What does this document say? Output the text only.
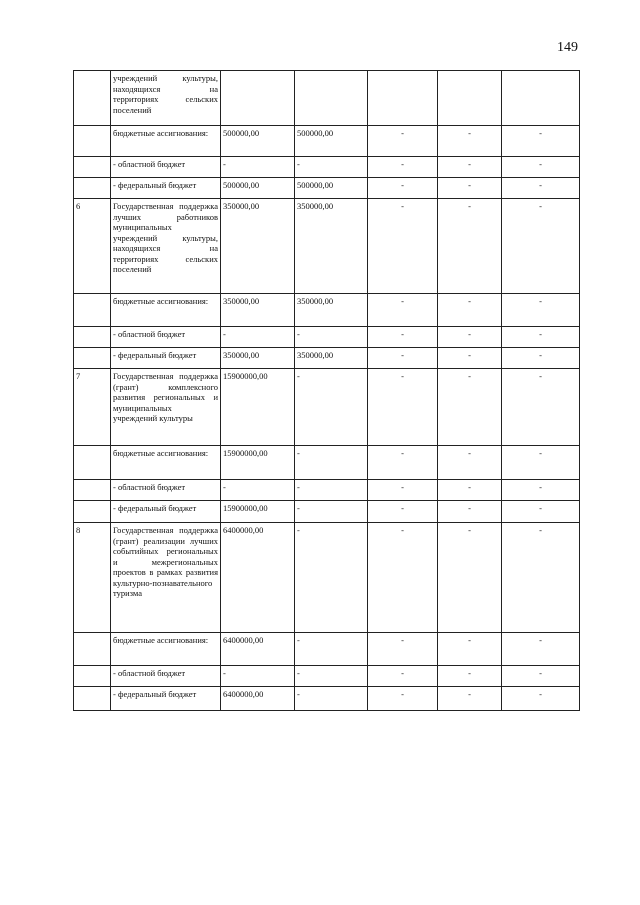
149
	учреждений культуры, находящихся на территориях сельских поселений					
	бюджетные ассигнования:	500000,00	500000,00	-	-	-
	- областной бюджет	-	-	-	-	-
	- федеральный бюджет	500000,00	500000,00	-	-	-
6	Государственная поддержка лучших работников муниципальных учреждений культуры, находящихся на территориях сельских поселений	350000,00	350000,00	-	-	-
	бюджетные ассигнования:	350000,00	350000,00	-	-	-
	- областной бюджет	-	-	-	-	-
	- федеральный бюджет	350000,00	350000,00	-	-	-
7	Государственная поддержка (грант) комплексного развития региональных и муниципальных учреждений культуры	15900000,00	-	-	-	-
	бюджетные ассигнования:	15900000,00	-	-	-	-
	- областной бюджет	-	-	-	-	-
	- федеральный бюджет	15900000,00	-	-	-	-
8	Государственная поддержка (грант) реализации лучших событийных региональных и межрегиональных проектов в рамках развития культурно-познавательного туризма	6400000,00	-	-	-	-
	бюджетные ассигнования:	6400000,00	-	-	-	-
	- областной бюджет	-	-	-	-	-
	- федеральный бюджет	6400000,00	-	-	-	-
